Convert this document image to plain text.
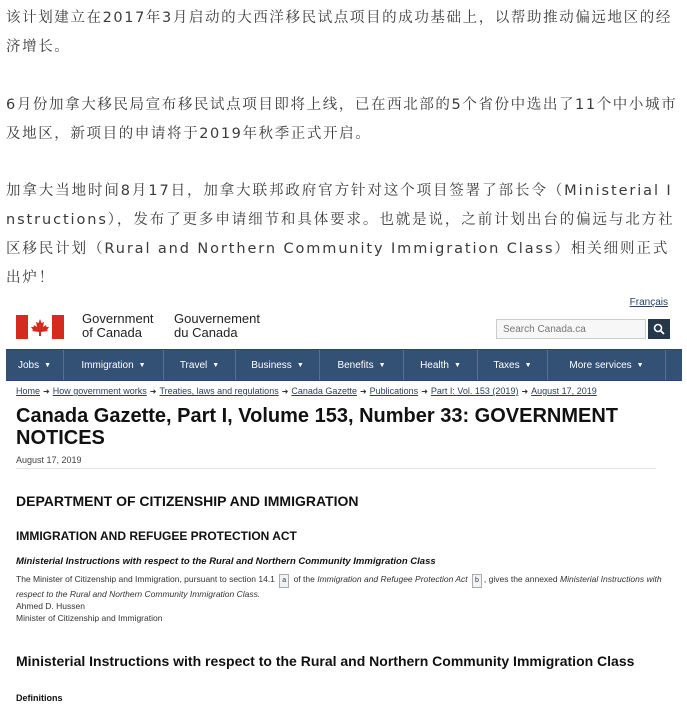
该计划建立在2017年3月启动的大西洋移民试点项目的成功基础上，以帮助推动偏远地区的经济增长。

6月份加拿大移民局宣布移民试点项目即将上线，已在西北部的5个省份中选出了11个中小城市及地区，新项目的申请将于2019年秋季正式开启。

加拿大当地时间8月17日，加拿大联邦政府官方针对这个项目签署了部长令（Ministerial Instructions），发布了更多申请细节和具体要求。也就是说，之前计划出台的偏远与北方社区移民计划（Rural and Northern Community Immigration Class）相关细则正式出炉！

Français
Government
of Canada
Gouvernement
du Canada	Search Canada.ca
Jobs ▼	Immigration ▼	Travel ▼	Business ▼	Benefits ▼	Health ▼	Taxes ▼	More services ▼
Home ➜ How government works ➜ Treaties, laws and regulations ➜ Canada Gazette ➜ Publications ➜ Part I: Vol. 153 (2019) ➜ August 17, 2019
Canada Gazette, Part I, Volume 153, Number 33: GOVERNMENT NOTICES
August 17, 2019
DEPARTMENT OF CITIZENSHIP AND IMMIGRATION
IMMIGRATION AND REFUGEE PROTECTION ACT
Ministerial Instructions with respect to the Rural and Northern Community Immigration Class
The Minister of Citizenship and Immigration, pursuant to section 14.1 a of the Immigration and Refugee Protection Act b , gives the annexed Ministerial Instructions with respect to the Rural and Northern Community Immigration Class.
Ahmed D. Hussen
Minister of Citizenship and Immigration
Ministerial Instructions with respect to the Rural and Northern Community Immigration Class
Definitions
